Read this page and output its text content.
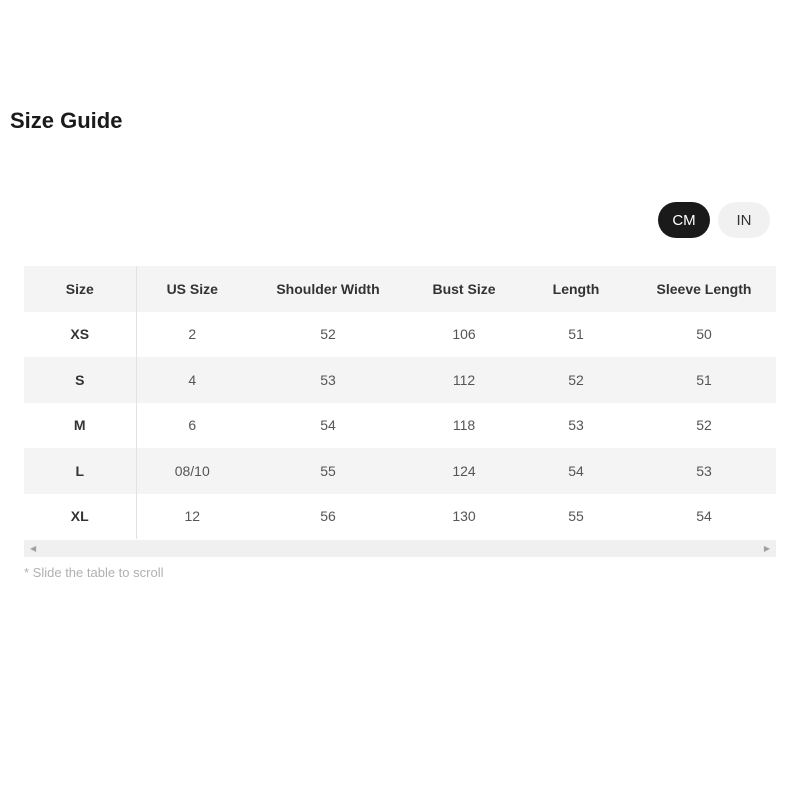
Size Guide
CM	IN
Size	US Size	Shoulder Width	Bust Size	Length	Sleeve Length
XS	2	52	106	51	50
S	4	53	112	52	51
M	6	54	118	53	52
L	08/10	55	124	54	53
XL	12	56	130	55	54
◀	▶

* Slide the table to scroll
